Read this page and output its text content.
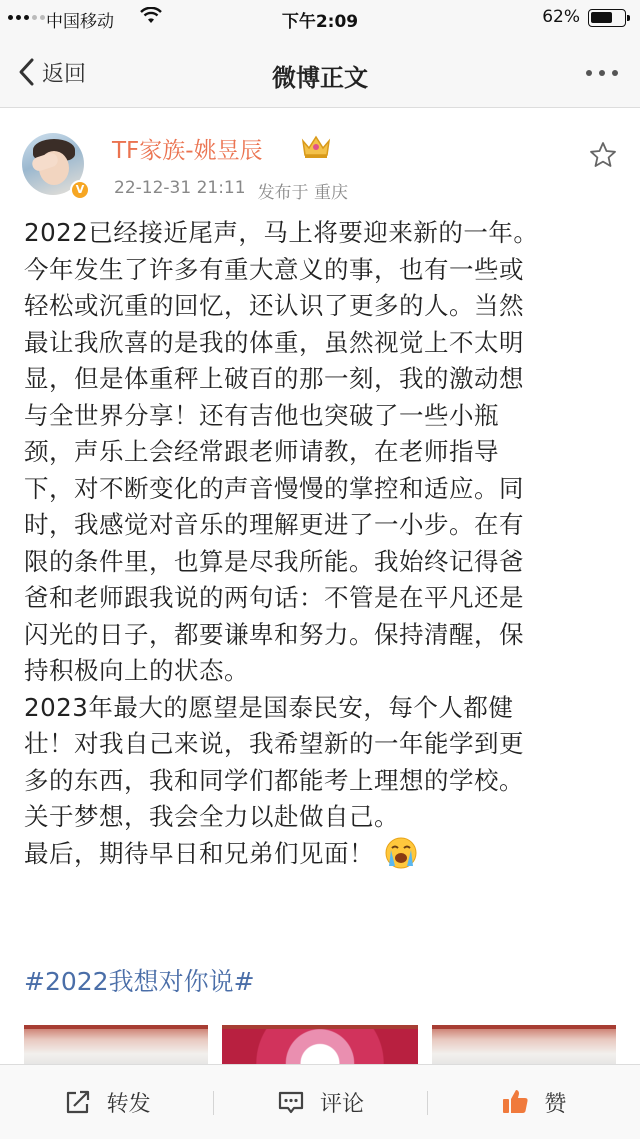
中国移动	下午2:09	62%
返回	微博正文
V
TF家族-姚昱辰
22-12-31 21:11 发布于 重庆

2022已经接近尾声，马上将要迎来新的一年。

今年发生了许多有重大意义的事，也有一些或

轻松或沉重的回忆，还认识了更多的人。当然

最让我欣喜的是我的体重，虽然视觉上不太明

显，但是体重秤上破百的那一刻，我的激动想

与全世界分享！还有吉他也突破了一些小瓶

颈，声乐上会经常跟老师请教，在老师指导

下，对不断变化的声音慢慢的掌控和适应。同

时，我感觉对音乐的理解更进了一小步。在有

限的条件里，也算是尽我所能。我始终记得爸

爸和老师跟我说的两句话：不管是在平凡还是

闪光的日子，都要谦卑和努力。保持清醒，保

持积极向上的状态。

2023年最大的愿望是国泰民安，每个人都健

壮！对我自己来说，我希望新的一年能学到更

多的东西，我和同学们都能考上理想的学校。

关于梦想，我会全力以赴做自己。

最后，期待早日和兄弟们见面！

#2022我想对你说#
转发	评论	赞
